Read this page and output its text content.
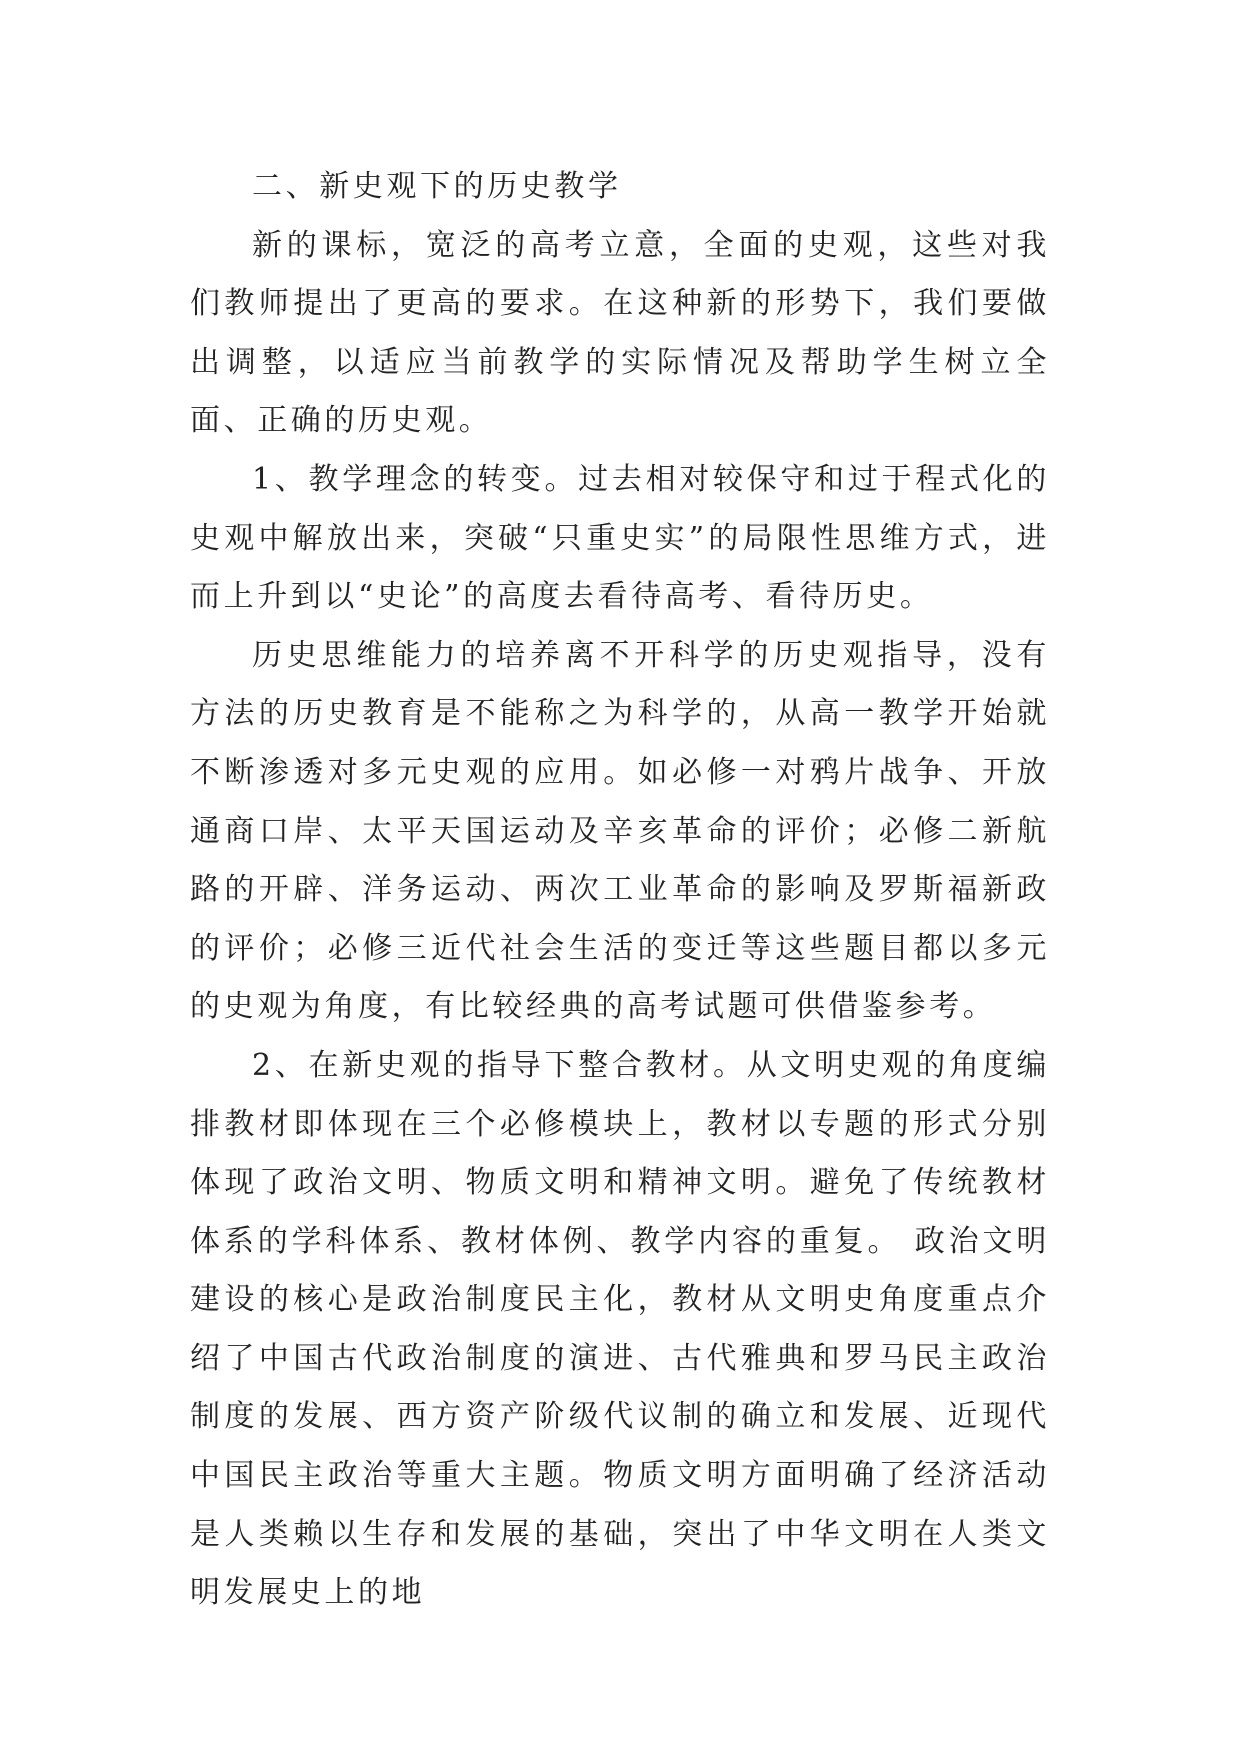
二、新史观下的历史教学

新的课标，宽泛的高考立意，全面的史观，这些对我们教师提出了更高的要求。在这种新的形势下，我们要做出调整，以适应当前教学的实际情况及帮助学生树立全面、正确的历史观。

1、教学理念的转变。过去相对较保守和过于程式化的史观中解放出来，突破“只重史实”的局限性思维方式，进而上升到以“史论”的高度去看待高考、看待历史。

历史思维能力的培养离不开科学的历史观指导，没有方法的历史教育是不能称之为科学的，从高一教学开始就不断渗透对多元史观的应用。如必修一对鸦片战争、开放通商口岸、太平天国运动及辛亥革命的评价；必修二新航路的开辟、洋务运动、两次工业革命的影响及罗斯福新政的评价；必修三近代社会生活的变迁等这些题目都以多元的史观为角度，有比较经典的高考试题可供借鉴参考。

2、在新史观的指导下整合教材。从文明史观的角度编排教材即体现在三个必修模块上，教材以专题的形式分别体现了政治文明、物质文明和精神文明。避免了传统教材体系的学科体系、教材体例、教学内容的重复。 政治文明建设的核心是政治制度民主化，教材从文明史角度重点介绍了中国古代政治制度的演进、古代雅典和罗马民主政治制度的发展、西方资产阶级代议制的确立和发展、近现代中国民主政治等重大主题。物质文明方面明确了经济活动是人类赖以生存和发展的基础，突出了中华文明在人类文明发展史上的地
